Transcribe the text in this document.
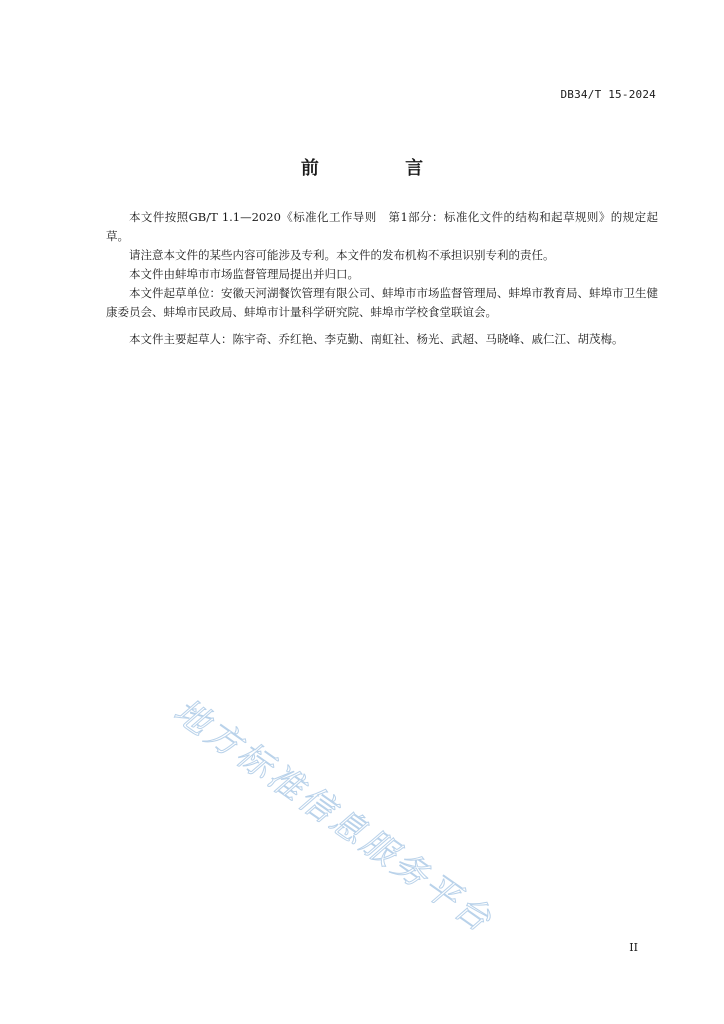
DB34/T 15-2024
前 言

本文件按照GB/T 1.1—2020《标准化工作导则　第1部分：标准化文件的结构和起草规则》的规定起草。

请注意本文件的某些内容可能涉及专利。本文件的发布机构不承担识别专利的责任。

本文件由蚌埠市市场监督管理局提出并归口。

本文件起草单位：安徽天河湖餐饮管理有限公司、蚌埠市市场监督管理局、蚌埠市教育局、蚌埠市卫生健康委员会、蚌埠市民政局、蚌埠市计量科学研究院、蚌埠市学校食堂联谊会。

本文件主要起草人：陈宇奇、乔红艳、李克勤、南虹社、杨光、武超、马晓峰、戚仁江、胡茂梅。

地方标准信息服务平台
II
